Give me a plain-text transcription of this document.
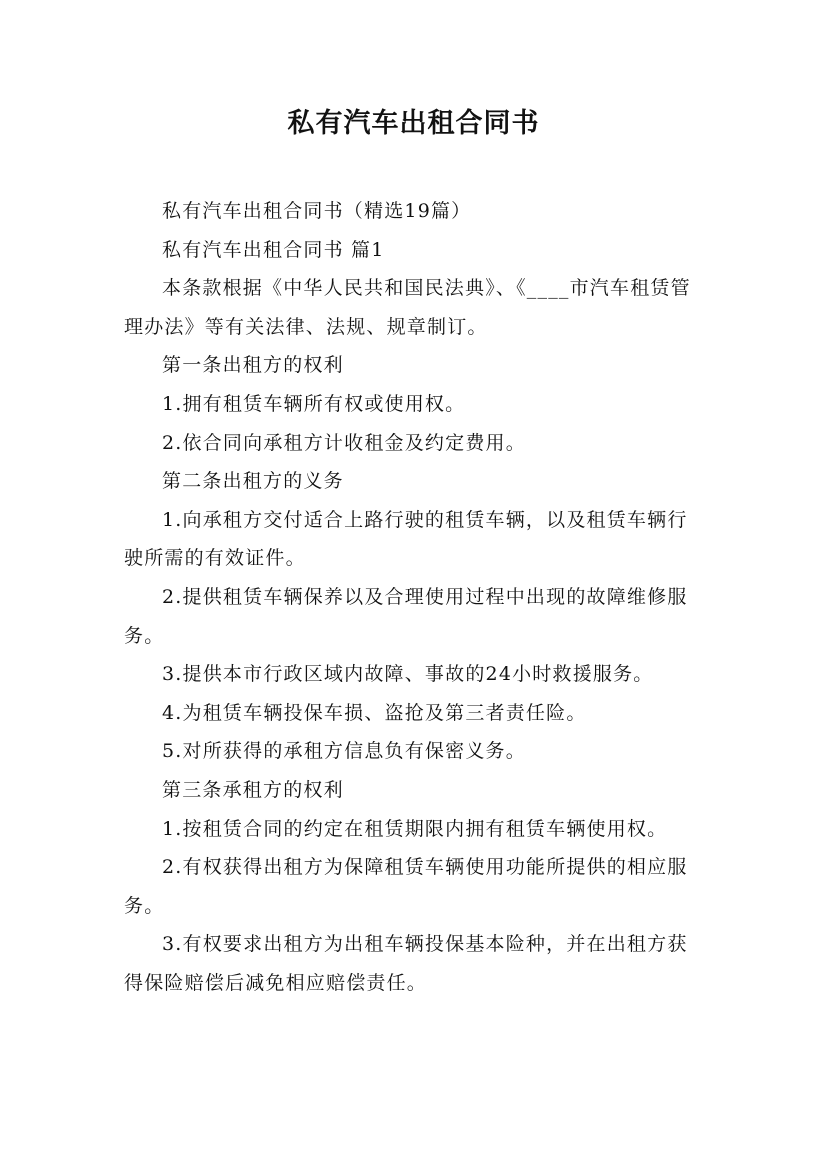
私有汽车出租合同书

私有汽车出租合同书（精选19篇）

私有汽车出租合同书 篇1

本条款根据《中华人民共和国民法典》、《____市汽车租赁管理办法》等有关法律、法规、规章制订。

第一条出租方的权利

1.拥有租赁车辆所有权或使用权。

2.依合同向承租方计收租金及约定费用。

第二条出租方的义务

1.向承租方交付适合上路行驶的租赁车辆，以及租赁车辆行驶所需的有效证件。

2.提供租赁车辆保养以及合理使用过程中出现的故障维修服务。

3.提供本市行政区域内故障、事故的24小时救援服务。

4.为租赁车辆投保车损、盗抢及第三者责任险。

5.对所获得的承租方信息负有保密义务。

第三条承租方的权利

1.按租赁合同的约定在租赁期限内拥有租赁车辆使用权。

2.有权获得出租方为保障租赁车辆使用功能所提供的相应服务。

3.有权要求出租方为出租车辆投保基本险种，并在出租方获得保险赔偿后减免相应赔偿责任。
